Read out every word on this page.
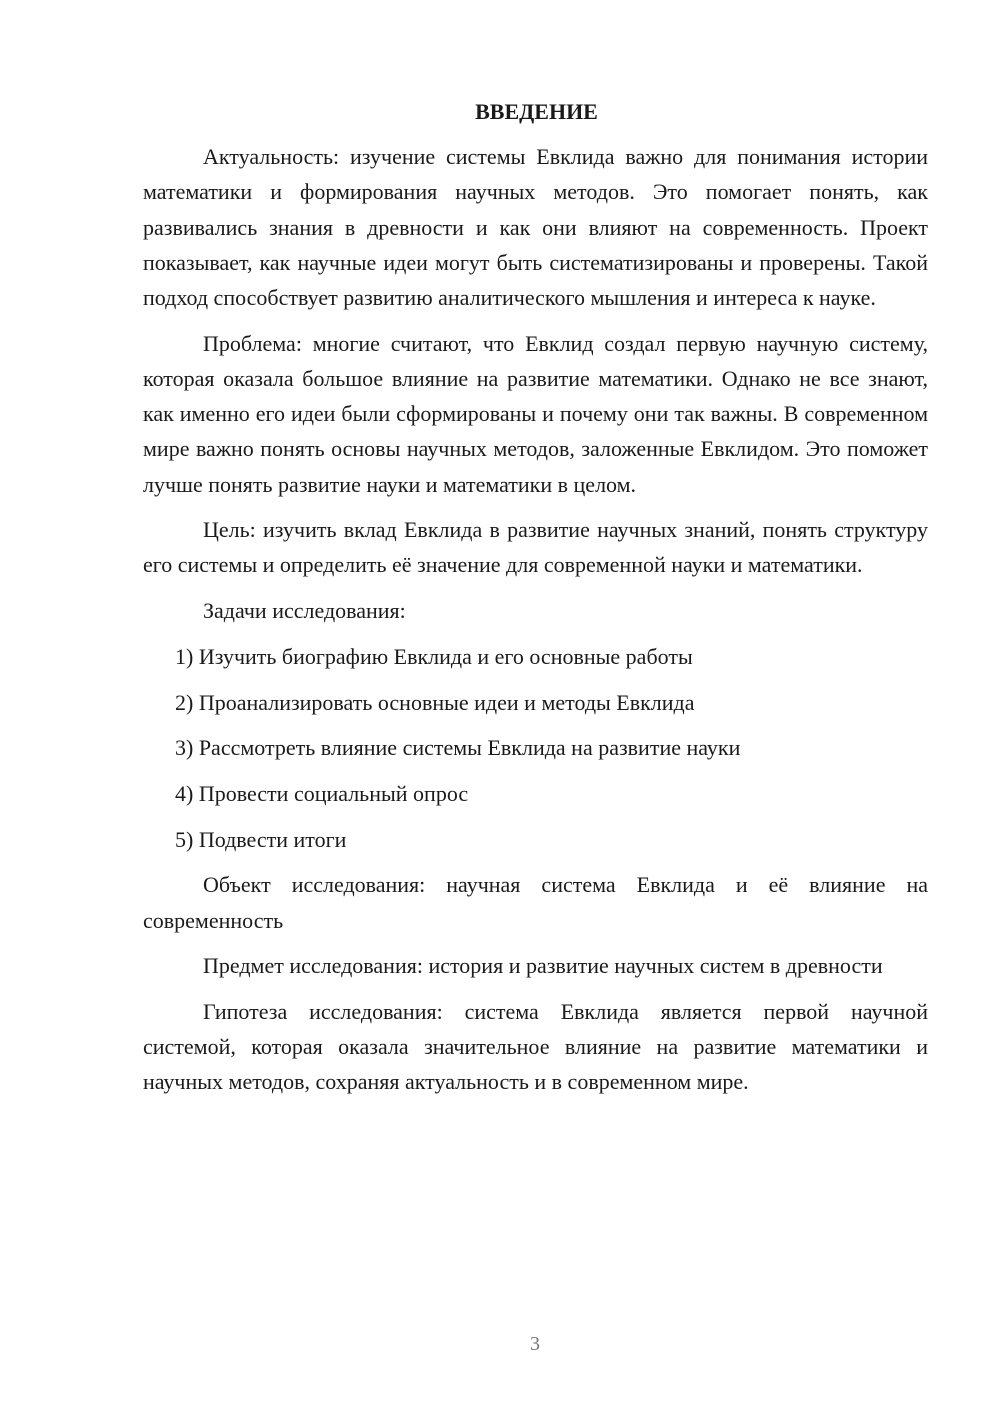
ВВЕДЕНИЕ
Актуальность: изучение системы Евклида важно для понимания истории математики и формирования научных методов. Это помогает понять, как развивались знания в древности и как они влияют на современность. Проект показывает, как научные идеи могут быть систематизированы и проверены. Такой подход способствует развитию аналитического мышления и интереса к науке.
Проблема: многие считают, что Евклид создал первую научную систему, которая оказала большое влияние на развитие математики. Однако не все знают, как именно его идеи были сформированы и почему они так важны. В современном мире важно понять основы научных методов, заложенные Евклидом. Это поможет лучше понять развитие науки и математики в целом.
Цель: изучить вклад Евклида в развитие научных знаний, понять структуру его системы и определить её значение для современной науки и математики.
Задачи исследования:
1) Изучить биографию Евклида и его основные работы
2) Проанализировать основные идеи и методы Евклида
3) Рассмотреть влияние системы Евклида на развитие науки
4) Провести социальный опрос
5) Подвести итоги
Объект исследования: научная система Евклида и её влияние на современность
Предмет исследования: история и развитие научных систем в древности
Гипотеза исследования: система Евклида является первой научной системой, которая оказала значительное влияние на развитие математики и научных методов, сохраняя актуальность и в современном мире.
3
